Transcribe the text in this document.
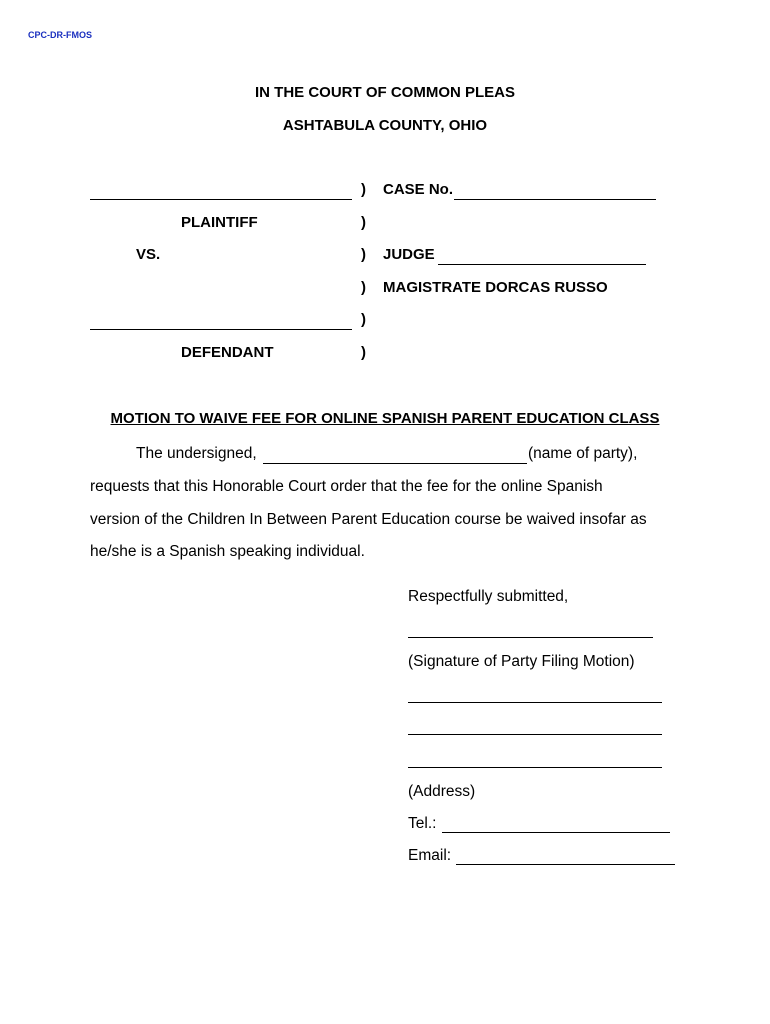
CPC-DR-FMOS
IN THE COURT OF COMMON PLEAS
ASHTABULA COUNTY, OHIO
) CASE No.
PLAINTIFF	)
VS.	) JUDGE
) MAGISTRATE DORCAS RUSSO
)
DEFENDANT	)
MOTION TO WAIVE FEE FOR ONLINE SPANISH PARENT EDUCATION CLASS
The undersigned,	(name of party),
requests that this Honorable Court order that the fee for the online Spanish
version of the Children In Between Parent Education course be waived insofar as
he/she is a Spanish speaking individual.
Respectfully submitted,
(Signature of Party Filing Motion)
(Address)
Tel.:
Email:
